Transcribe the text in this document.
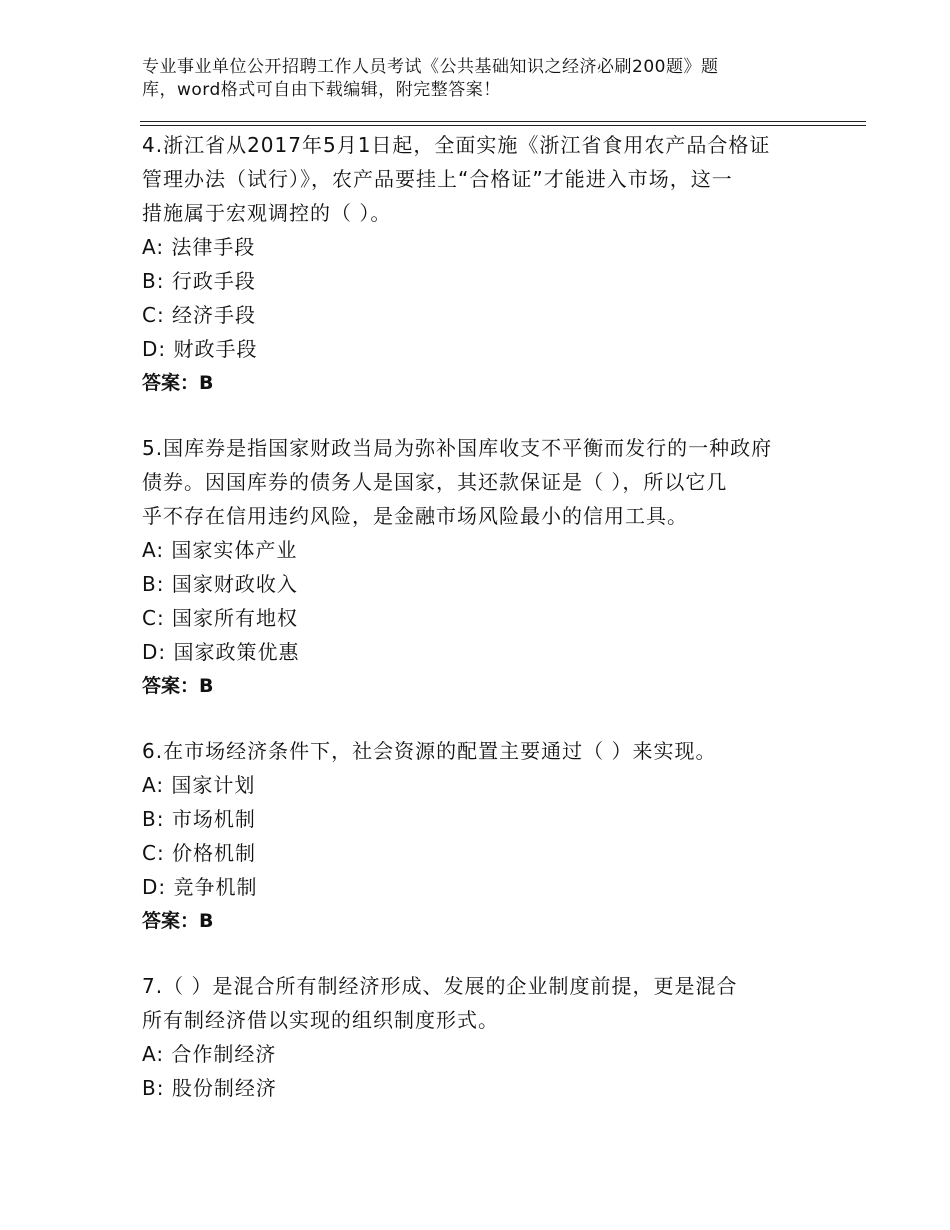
专业事业单位公开招聘工作人员考试《公共基础知识之经济必刷200题》题
库，word格式可自由下载编辑，附完整答案！

4.浙江省从2017年5月1日起，全面实施《浙江省食用农产品合格证

管理办法（试行）》，农产品要挂上“合格证”才能进入市场，这一

措施属于宏观调控的（ ）。

A: 法律手段

B: 行政手段

C: 经济手段

D: 财政手段

答案：B

5.国库券是指国家财政当局为弥补国库收支不平衡而发行的一种政府

债券。因国库券的债务人是国家，其还款保证是（ ），所以它几

乎不存在信用违约风险，是金融市场风险最小的信用工具。

A: 国家实体产业

B: 国家财政收入

C: 国家所有地权

D: 国家政策优惠

答案：B

6.在市场经济条件下，社会资源的配置主要通过（ ）来实现。

A: 国家计划

B: 市场机制

C: 价格机制

D: 竞争机制

答案：B

7.（ ）是混合所有制经济形成、发展的企业制度前提，更是混合

所有制经济借以实现的组织制度形式。

A: 合作制经济

B: 股份制经济
